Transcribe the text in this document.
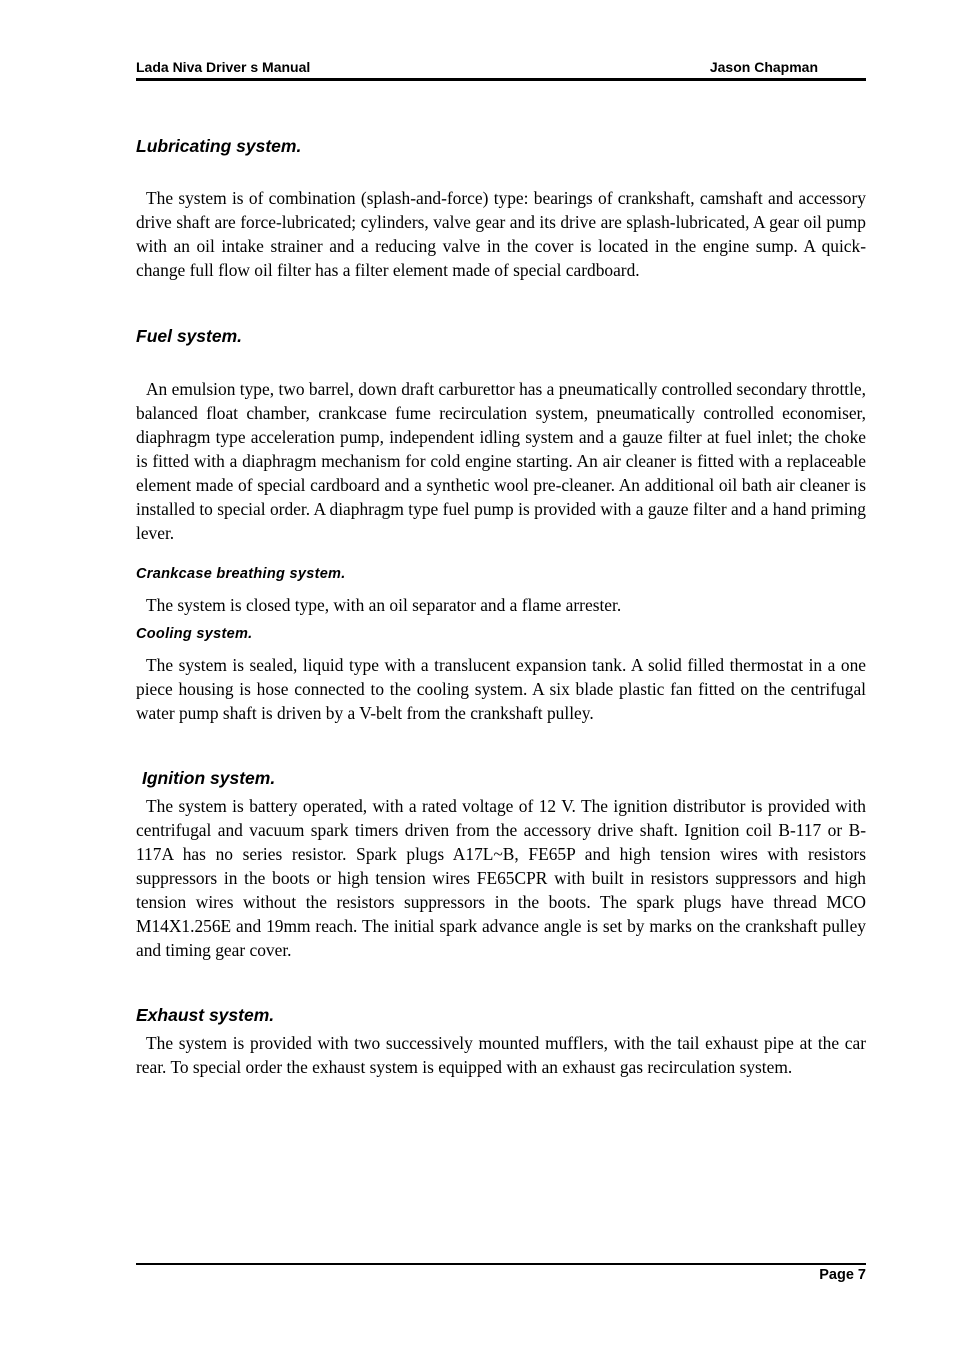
Lada Niva Driver s Manual	Jason Chapman
Lubricating system.

The system is of combination (splash-and-force) type: bearings of crankshaft, camshaft and accessory drive shaft are force-lubricated; cylinders, valve gear and its drive are splash-lubricated, A gear oil pump with an oil intake strainer and a reducing valve in the cover is located in the engine sump. A quick-change full flow oil filter has a filter element made of special cardboard.

Fuel system.

An emulsion type, two barrel, down draft carburettor has a pneumatically controlled secondary throttle, balanced float chamber, crankcase fume recirculation system, pneumatically controlled economiser, diaphragm type acceleration pump, independent idling system and a gauze filter at fuel inlet; the choke is fitted with a diaphragm mechanism for cold engine starting. An air cleaner is fitted with a replaceable element made of special cardboard and a synthetic wool pre-cleaner. An additional oil bath air cleaner is installed to special order. A diaphragm type fuel pump is provided with a gauze filter and a hand priming lever.

Crankcase breathing system.

The system is closed type, with an oil separator and a flame arrester.

Cooling system.

The system is sealed, liquid type with a translucent expansion tank. A solid filled thermostat in a one piece housing is hose connected to the cooling system. A six blade plastic fan fitted on the centrifugal water pump shaft is driven by a V-belt from the crankshaft pulley.

Ignition system.

The system is battery operated, with a rated voltage of 12 V. The ignition distributor is provided with centrifugal and vacuum spark timers driven from the accessory drive shaft. Ignition coil B-117 or B-117A has no series resistor. Spark plugs A17L~B, FE65P and high tension wires with resistors suppressors in the boots or high tension wires FE65CPR with built in resistors suppressors and high tension wires without the resistors suppressors in the boots. The spark plugs have thread MCO M14X1.256E and 19mm reach. The initial spark advance angle is set by marks on the crankshaft pulley and timing gear cover.

Exhaust system.

The system is provided with two successively mounted mufflers, with the tail exhaust pipe at the car rear. To special order the exhaust system is equipped with an exhaust gas recirculation system.

Page 7
